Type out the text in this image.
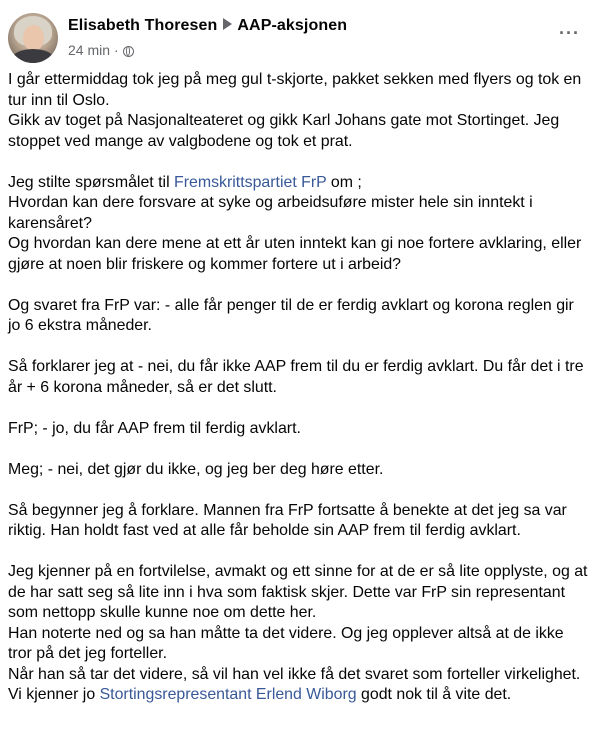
Elisabeth Thoresen AAP-aksjonen
24 min ·
···

I går ettermiddag tok jeg på meg gul t-skjorte, pakket sekken med flyers og tok en tur inn til Oslo.

Gikk av toget på Nasjonalteateret og gikk Karl Johans gate mot Stortinget. Jeg stoppet ved mange av valgbodene og tok et prat.

Jeg stilte spørsmålet til Fremskrittspartiet FrP om ;

Hvordan kan dere forsvare at syke og arbeidsuføre mister hele sin inntekt i karensåret?

Og hvordan kan dere mene at ett år uten inntekt kan gi noe fortere avklaring, eller gjøre at noen blir friskere og kommer fortere ut i arbeid?

Og svaret fra FrP var: - alle får penger til de er ferdig avklart og korona reglen gir jo 6 ekstra måneder.

Så forklarer jeg at - nei, du får ikke AAP frem til du er ferdig avklart. Du får det i tre år + 6 korona måneder, så er det slutt.

FrP; - jo, du får AAP frem til ferdig avklart.

Meg; - nei, det gjør du ikke, og jeg ber deg høre etter.

Så begynner jeg å forklare. Mannen fra FrP fortsatte å benekte at det jeg sa var riktig. Han holdt fast ved at alle får beholde sin AAP frem til ferdig avklart.

Jeg kjenner på en fortvilelse, avmakt og ett sinne for at de er så lite opplyste, og at de har satt seg så lite inn i hva som faktisk skjer. Dette var FrP sin representant som nettopp skulle kunne noe om dette her.

Han noterte ned og sa han måtte ta det videre. Og jeg opplever altså at de ikke tror på det jeg forteller.

Når han så tar det videre, så vil han vel ikke få det svaret som forteller virkelighet. Vi kjenner jo Stortingsrepresentant Erlend Wiborg godt nok til å vite det.
